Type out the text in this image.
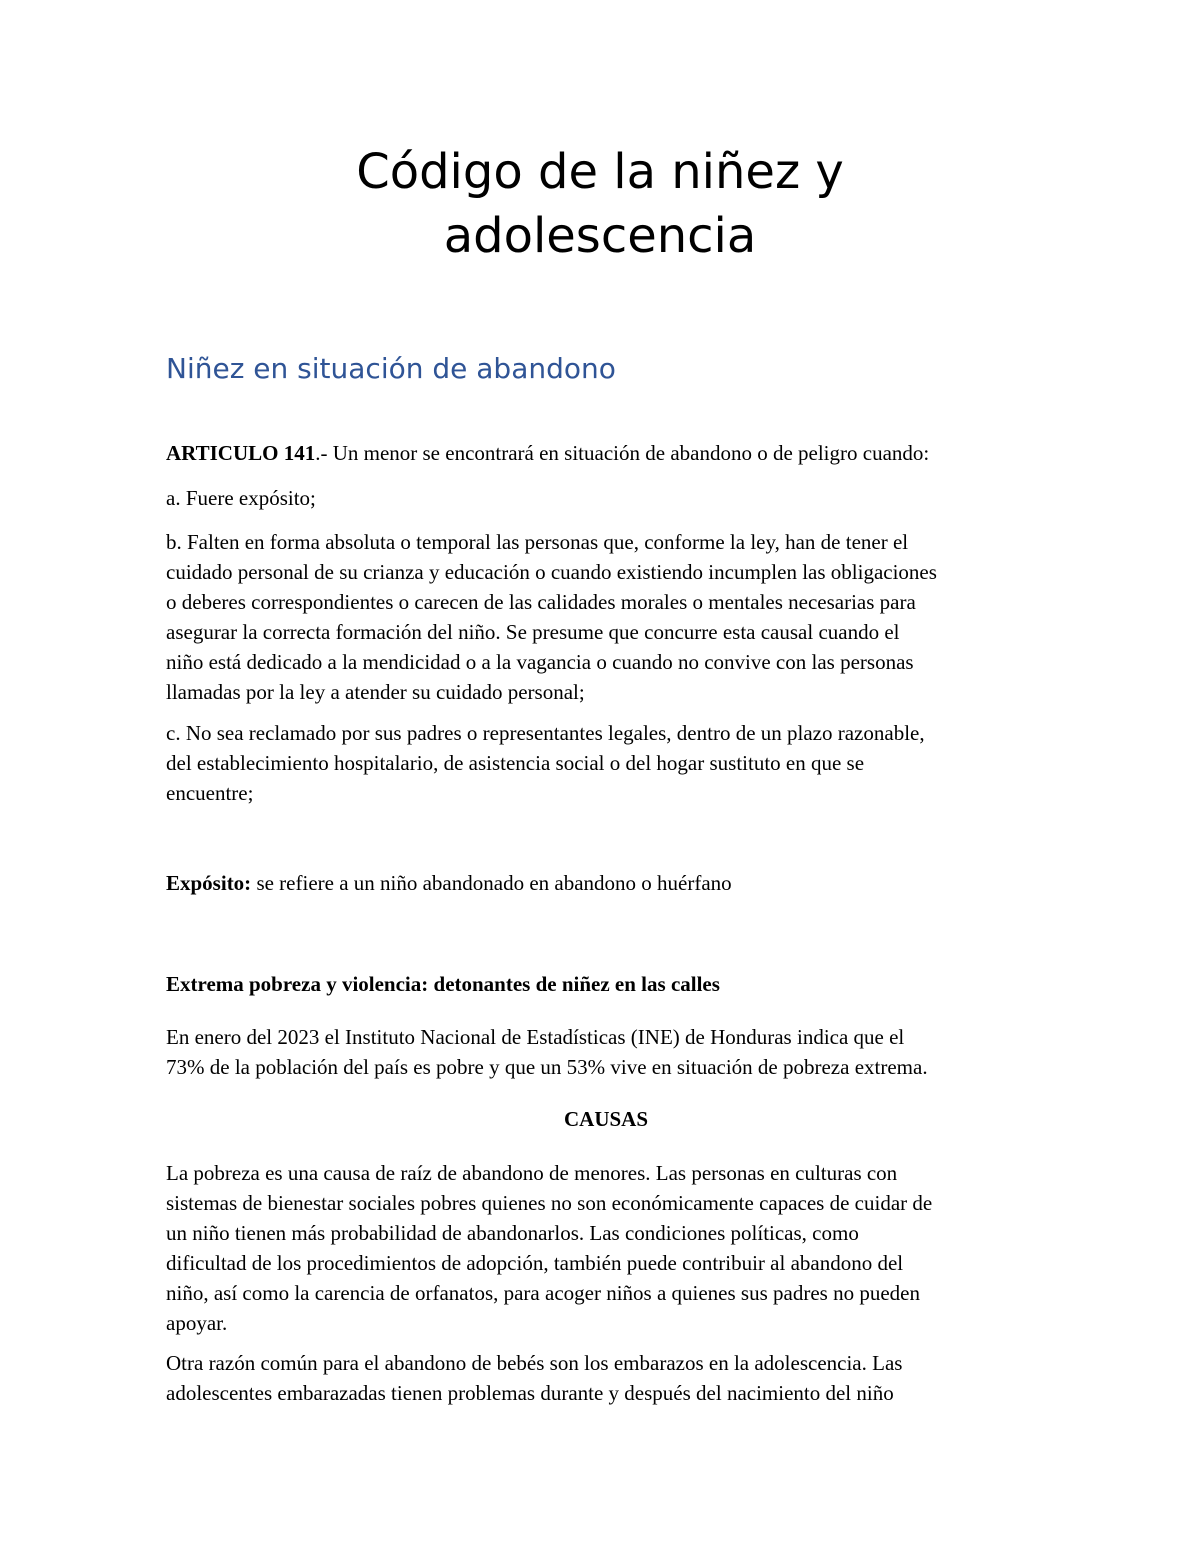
Código de la niñez y
adolescencia
Niñez en situación de abandono

ARTICULO 141.- Un menor se encontrará en situación de abandono o de peligro cuando:

a. Fuere expósito;

b. Falten en forma absoluta o temporal las personas que, conforme la ley, han de tener el
cuidado personal de su crianza y educación o cuando existiendo incumplen las obligaciones
o deberes correspondientes o carecen de las calidades morales o mentales necesarias para
asegurar la correcta formación del niño. Se presume que concurre esta causal cuando el
niño está dedicado a la mendicidad o a la vagancia o cuando no convive con las personas
llamadas por la ley a atender su cuidado personal;

c. No sea reclamado por sus padres o representantes legales, dentro de un plazo razonable,
del establecimiento hospitalario, de asistencia social o del hogar sustituto en que se
encuentre;

Expósito: se refiere a un niño abandonado en abandono o huérfano

Extrema pobreza y violencia: detonantes de niñez en las calles

En enero del 2023 el Instituto Nacional de Estadísticas (INE) de Honduras indica que el
73% de la población del país es pobre y que un 53% vive en situación de pobreza extrema.

CAUSAS

La pobreza es una causa de raíz de abandono de menores. Las personas en culturas con
sistemas de bienestar sociales pobres quienes no son económicamente capaces de cuidar de
un niño tienen más probabilidad de abandonarlos. Las condiciones políticas, como
dificultad de los procedimientos de adopción, también puede contribuir al abandono del
niño, así como la carencia de orfanatos, para acoger niños a quienes sus padres no pueden
apoyar.

Otra razón común para el abandono de bebés son los embarazos en la adolescencia. Las
adolescentes embarazadas tienen problemas durante y después del nacimiento del niño
